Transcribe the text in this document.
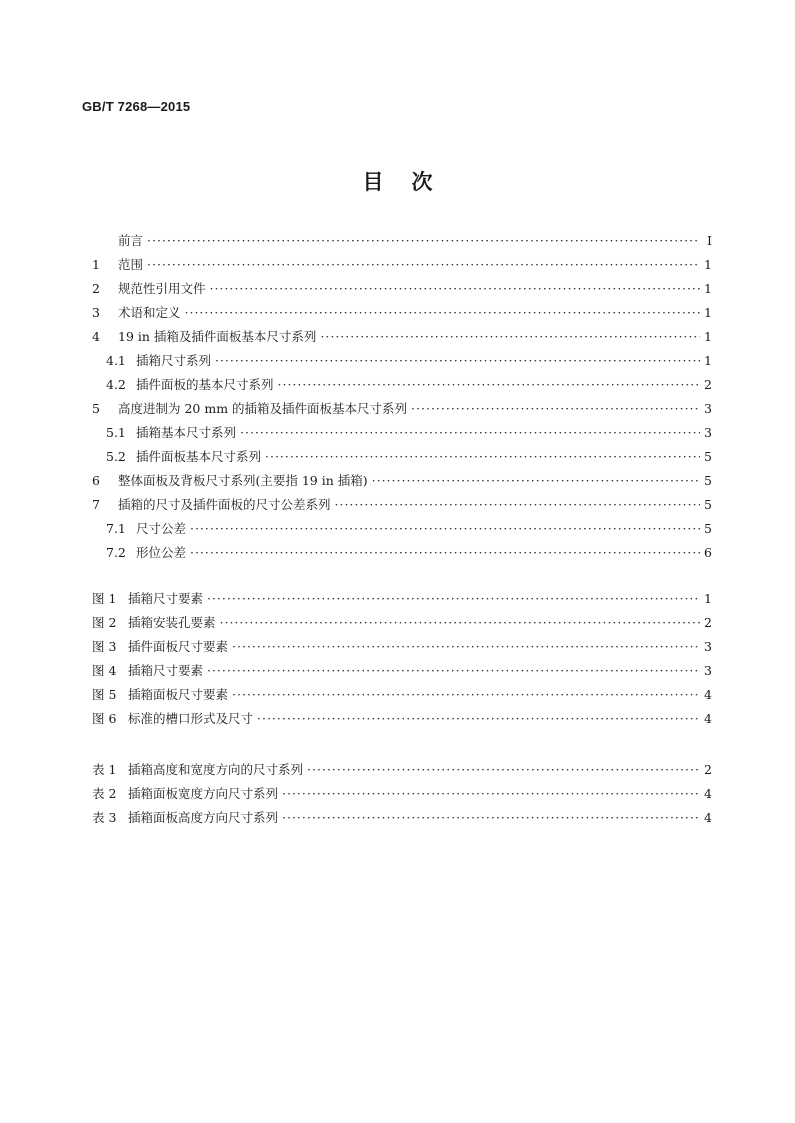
GB/T 7268—2015
目次
前言 ·····	Ⅰ
1	范围 ·····	1
2	规范性引用文件 ·····	1
3	术语和定义 ·····	1
4	19 in 插箱及插件面板基本尺寸系列 ·····	1
4.1 插箱尺寸系列 ·····	1
4.2 插件面板的基本尺寸系列 ·····	2
5	高度进制为 20 mm 的插箱及插件面板基本尺寸系列 ·····	3
5.1 插箱基本尺寸系列 ·····	3
5.2 插件面板基本尺寸系列 ·····	5
6	整体面板及背板尺寸系列(主要指 19 in 插箱) ·····	5
7	插箱的尺寸及插件面板的尺寸公差系列 ·····	5
7.1 尺寸公差 ·····	5
7.2 形位公差 ·····	6
图 1 插箱尺寸要素 ·····	1
图 2 插箱安装孔要素 ·····	2
图 3 插件面板尺寸要素 ·····	3
图 4 插箱尺寸要素 ·····	3
图 5 插箱面板尺寸要素 ·····	4
图 6 标准的槽口形式及尺寸 ·····	4
表 1 插箱高度和宽度方向的尺寸系列 ·····	2
表 2 插箱面板宽度方向尺寸系列 ·····	4
表 3 插箱面板高度方向尺寸系列 ·····	4
